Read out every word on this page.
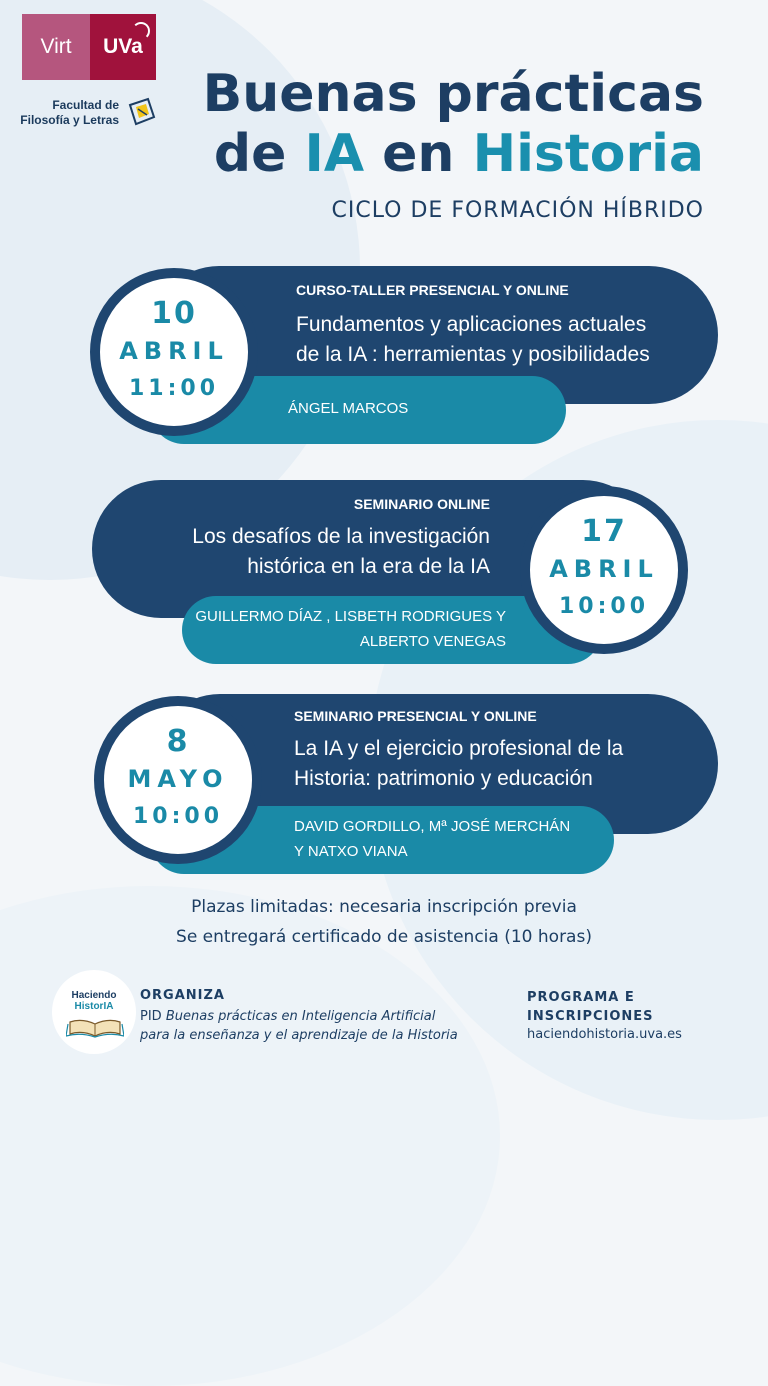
Virt	UVa
Facultad de
Filosofía y Letras Buenas prácticas
de IA en Historia
CICLO DE FORMACIÓN HÍBRIDO
10
ABRIL
11:00
CURSO-TALLER PRESENCIAL Y ONLINE
Fundamentos y aplicaciones actuales
de la IA : herramientas y posibilidades
ÁNGEL MARCOS
17
ABRIL
10:00
SEMINARIO ONLINE
Los desafíos de la investigación
histórica en la era de la IA
GUILLERMO DÍAZ , LISBETH RODRIGUES Y
ALBERTO VENEGAS
8
MAYO
10:00
SEMINARIO PRESENCIAL Y ONLINE
La IA y el ejercicio profesional de la
Historia: patrimonio y educación
DAVID GORDILLO, Mª JOSÉ MERCHÁN
Y NATXO VIANA
Plazas limitadas: necesaria inscripción previa
Se entregará certificado de asistencia (10 horas)
Haciendo
HistorIA
ORGANIZA
PID Buenas prácticas en Inteligencia Artificial
para la enseñanza y el aprendizaje de la Historia
PROGRAMA E
INSCRIPCIONES
haciendohistoria.uva.es
